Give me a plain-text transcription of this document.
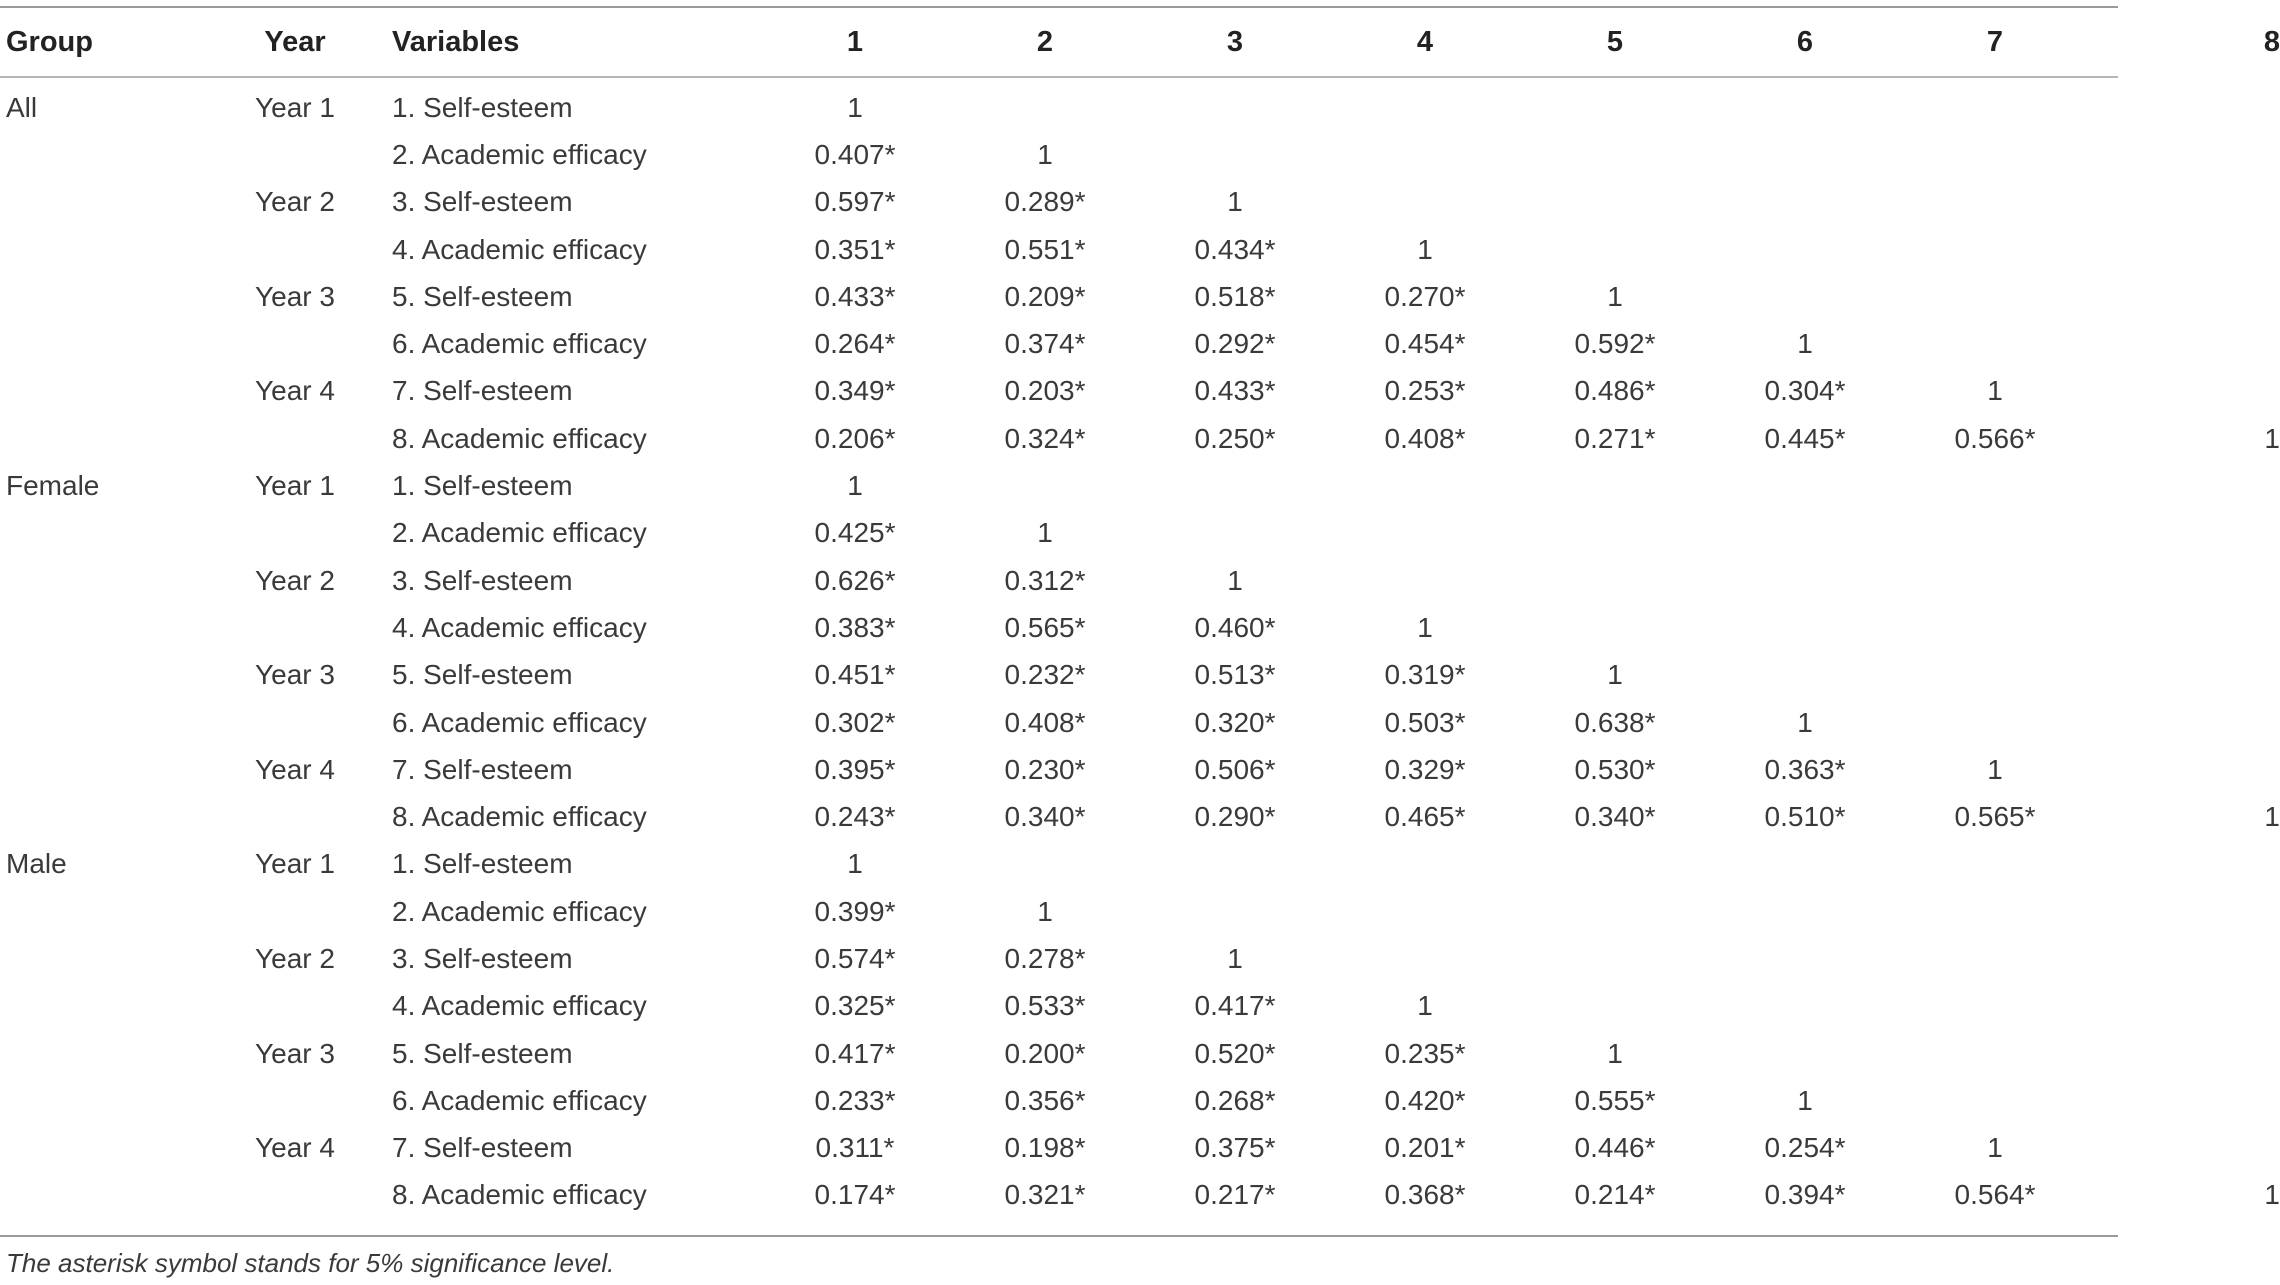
Group	Year	Variables	1	2	3	4	5	6	7	8
All	Year 1	1. Self-esteem	1							
		2. Academic efficacy	0.407*	1						
	Year 2	3. Self-esteem	0.597*	0.289*	1					
		4. Academic efficacy	0.351*	0.551*	0.434*	1				
	Year 3	5. Self-esteem	0.433*	0.209*	0.518*	0.270*	1			
		6. Academic efficacy	0.264*	0.374*	0.292*	0.454*	0.592*	1		
	Year 4	7. Self-esteem	0.349*	0.203*	0.433*	0.253*	0.486*	0.304*	1	
		8. Academic efficacy	0.206*	0.324*	0.250*	0.408*	0.271*	0.445*	0.566*	1
Female	Year 1	1. Self-esteem	1							
		2. Academic efficacy	0.425*	1						
	Year 2	3. Self-esteem	0.626*	0.312*	1					
		4. Academic efficacy	0.383*	0.565*	0.460*	1				
	Year 3	5. Self-esteem	0.451*	0.232*	0.513*	0.319*	1			
		6. Academic efficacy	0.302*	0.408*	0.320*	0.503*	0.638*	1		
	Year 4	7. Self-esteem	0.395*	0.230*	0.506*	0.329*	0.530*	0.363*	1	
		8. Academic efficacy	0.243*	0.340*	0.290*	0.465*	0.340*	0.510*	0.565*	1
Male	Year 1	1. Self-esteem	1							
		2. Academic efficacy	0.399*	1						
	Year 2	3. Self-esteem	0.574*	0.278*	1					
		4. Academic efficacy	0.325*	0.533*	0.417*	1				
	Year 3	5. Self-esteem	0.417*	0.200*	0.520*	0.235*	1			
		6. Academic efficacy	0.233*	0.356*	0.268*	0.420*	0.555*	1		
	Year 4	7. Self-esteem	0.311*	0.198*	0.375*	0.201*	0.446*	0.254*	1	
		8. Academic efficacy	0.174*	0.321*	0.217*	0.368*	0.214*	0.394*	0.564*	1
The asterisk symbol stands for 5% significance level.
